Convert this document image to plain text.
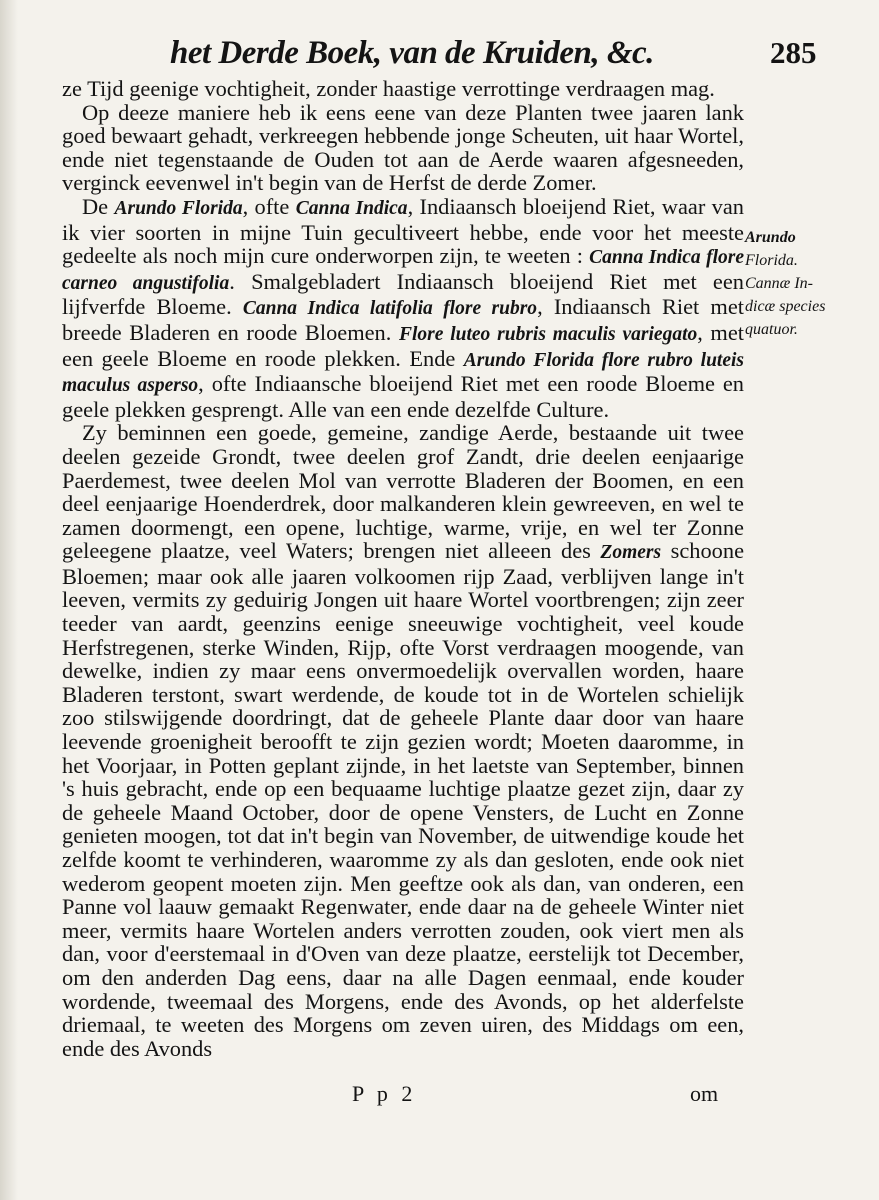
het Derde Boek, van de Kruiden, &c.	285

ze Tijd geenige vochtigheit, zonder haastige verrottinge verdraagen mag.

Op deeze maniere heb ik eens eene van deze Planten twee jaaren lank goed bewaart gehadt, verkreegen hebbende jonge Scheuten, uit haar Wortel, ende niet tegenstaande de Ouden tot aan de Aerde waaren afgesneeden, verginck eevenwel in't begin van de Herfst de derde Zomer.

De Arundo Florida, ofte Canna Indica, Indiaansch bloeijend Riet, waar van ik vier soorten in mijne Tuin gecultiveert hebbe, ende voor het meeste gedeelte als noch mijn cure onderworpen zijn, te weeten : Canna Indica flore carneo angustifolia. Smalgebladert Indiaansch bloeijend Riet met een lijfverfde Bloeme. Canna Indica latifolia flore rubro, Indiaansch Riet met breede Bladeren en roode Bloemen. Flore luteo rubris maculis variegato, met een geele Bloeme en roode plekken. Ende Arundo Florida flore rubro luteis maculus asperso, ofte Indiaansche bloeijend Riet met een roode Bloeme en geele plekken gesprengt. Alle van een ende dezelfde Culture.

Zy beminnen een goede, gemeine, zandige Aerde, bestaande uit twee deelen gezeide Grondt, twee deelen grof Zandt, drie deelen eenjaarige Paerdemest, twee deelen Mol van verrotte Bladeren der Boomen, en een deel eenjaarige Hoenderdrek, door malkanderen klein gewreeven, en wel te zamen doormengt, een opene, luchtige, warme, vrije, en wel ter Zonne geleegene plaatze, veel Waters; brengen niet alleeen des Zomers schoone Bloemen; maar ook alle jaaren volkoomen rijp Zaad, verblijven lange in't leeven, vermits zy geduirig Jongen uit haare Wortel voortbrengen; zijn zeer teeder van aardt, geenzins eenige sneeuwige vochtigheit, veel koude Herfstregenen, sterke Winden, Rijp, ofte Vorst verdraagen moogende, van dewelke, indien zy maar eens onvermoedelijk overvallen worden, haare Bladeren terstont, swart werdende, de koude tot in de Wortelen schielijk zoo stilswijgende doordringt, dat de geheele Plante daar door van haare leevende groenigheit beroofft te zijn gezien wordt; Moeten daaromme, in het Voorjaar, in Potten geplant zijnde, in het laetste van September, binnen 's huis gebracht, ende op een bequaame luchtige plaatze gezet zijn, daar zy de geheele Maand October, door de opene Vensters, de Lucht en Zonne genieten moogen, tot dat in't begin van November, de uitwendige koude het zelfde koomt te verhinderen, waaromme zy als dan gesloten, ende ook niet wederom geopent moeten zijn. Men geeftze ook als dan, van onderen, een Panne vol laauw gemaakt Regenwater, ende daar na de geheele Winter niet meer, vermits haare Wortelen anders verrotten zouden, ook viert men als dan, voor d'eerstemaal in d'Oven van deze plaatze, eerstelijk tot December, om den anderden Dag eens, daar na alle Dagen eenmaal, ende kouder wordende, tweemaal des Morgens, ende des Avonds, op het alderfelste driemaal, te weeten des Morgens om zeven uiren, des Middags om een, ende des Avonds

Arundo
Florida.
Cannæ In-
dicæ species
quatuor.
P p 2	om
